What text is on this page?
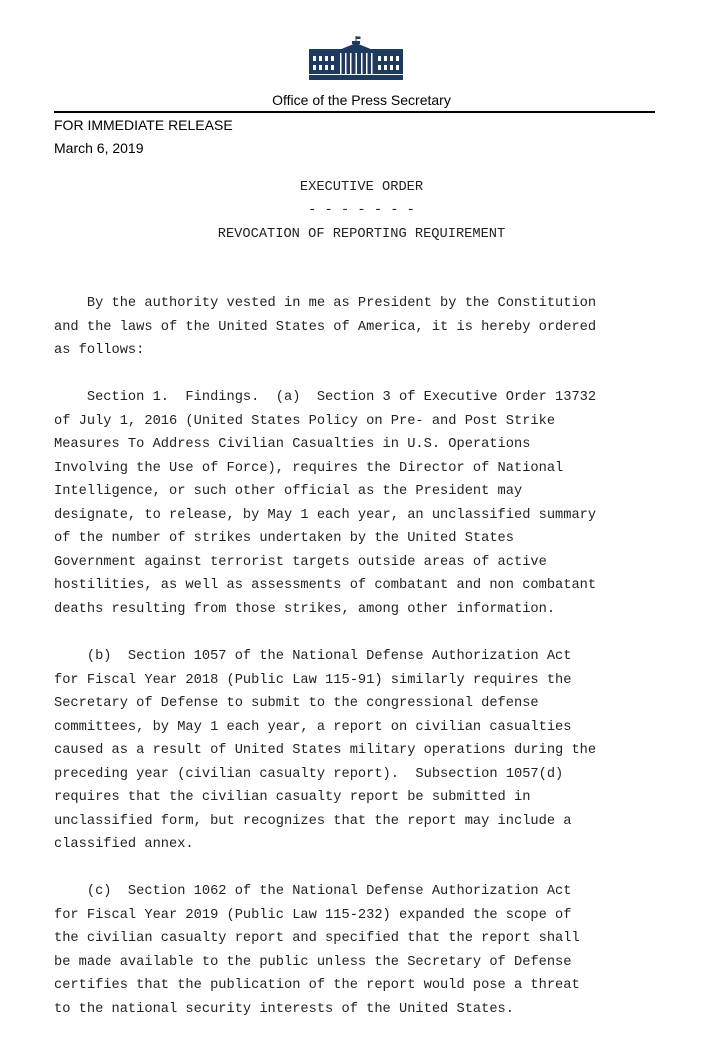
Office of the Press Secretary
FOR IMMEDIATE RELEASE
March 6, 2019
EXECUTIVE ORDER
- - - - - - -
REVOCATION OF REPORTING REQUIREMENT

By the authority vested in me as President by the Constitution
and the laws of the United States of America, it is hereby ordered
as follows:

Section 1.  Findings.  (a)  Section 3 of Executive Order 13732
of July 1, 2016 (United States Policy on Pre- and Post Strike
Measures To Address Civilian Casualties in U.S. Operations
Involving the Use of Force), requires the Director of National
Intelligence, or such other official as the President may
designate, to release, by May 1 each year, an unclassified summary
of the number of strikes undertaken by the United States
Government against terrorist targets outside areas of active
hostilities, as well as assessments of combatant and non combatant
deaths resulting from those strikes, among other information.

(b)  Section 1057 of the National Defense Authorization Act
for Fiscal Year 2018 (Public Law 115-91) similarly requires the
Secretary of Defense to submit to the congressional defense
committees, by May 1 each year, a report on civilian casualties
caused as a result of United States military operations during the
preceding year (civilian casualty report).  Subsection 1057(d)
requires that the civilian casualty report be submitted in
unclassified form, but recognizes that the report may include a
classified annex.

(c)  Section 1062 of the National Defense Authorization Act
for Fiscal Year 2019 (Public Law 115-232) expanded the scope of
the civilian casualty report and specified that the report shall
be made available to the public unless the Secretary of Defense
certifies that the publication of the report would pose a threat
to the national security interests of the United States.
